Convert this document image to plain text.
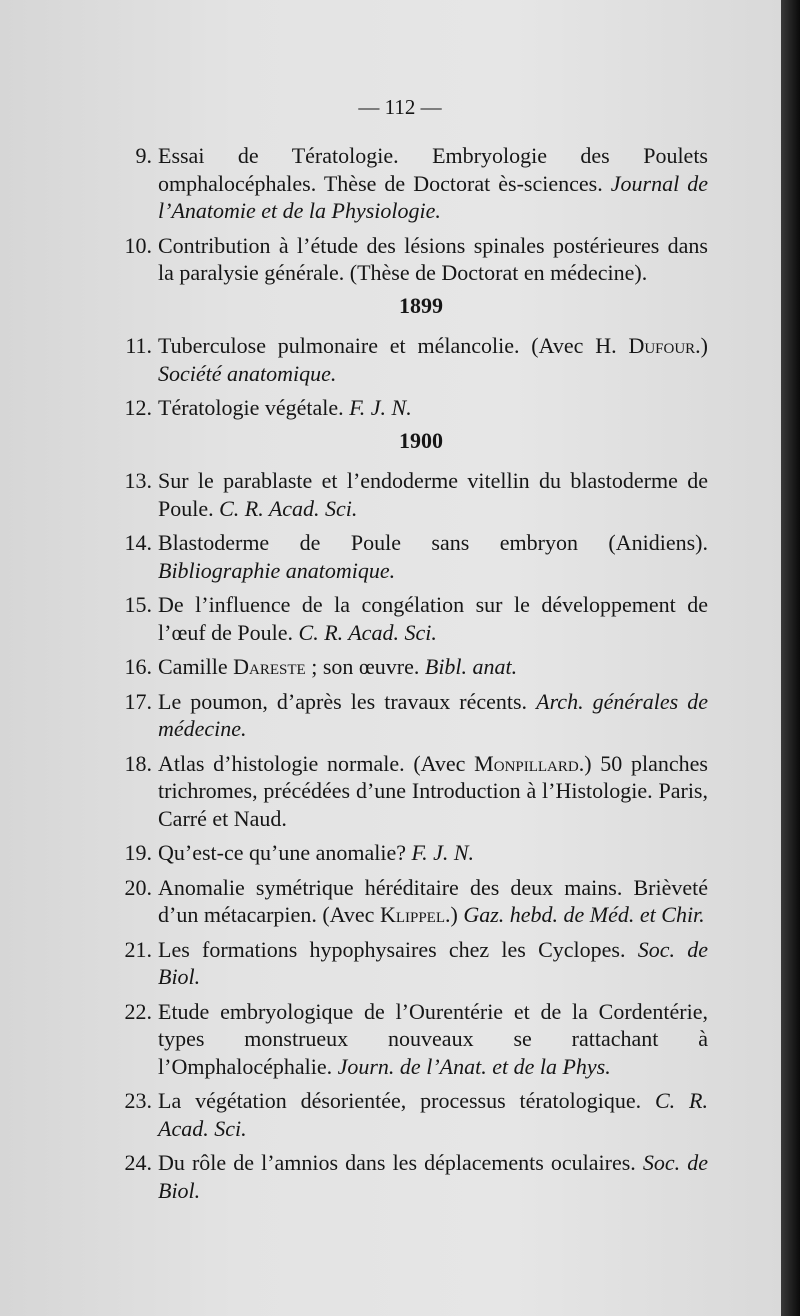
— 112 —
9. Essai de Tératologie. Embryologie des Poulets omphalocéphales. Thèse de Doctorat ès-sciences. Journal de l’Anatomie et de la Physiologie.
10. Contribution à l’étude des lésions spinales postérieures dans la paralysie générale. (Thèse de Doctorat en médecine).
1899
11. Tuberculose pulmonaire et mélancolie. (Avec H. Dufour.) Société anatomique.
12. Tératologie végétale. F. J. N.
1900
13. Sur le parablaste et l’endoderme vitellin du blastoderme de Poule. C. R. Acad. Sci.
14. Blastoderme de Poule sans embryon (Anidiens). Bibliographie anatomique.
15. De l’influence de la congélation sur le développement de l’œuf de Poule. C. R. Acad. Sci.
16. Camille Dareste ; son œuvre. Bibl. anat.
17. Le poumon, d’après les travaux récents. Arch. générales de médecine.
18. Atlas d’histologie normale. (Avec Monpillard.) 50 planches trichromes, précédées d’une Introduction à l’Histologie. Paris, Carré et Naud.
19. Qu’est-ce qu’une anomalie? F. J. N.
20. Anomalie symétrique héréditaire des deux mains. Brièveté d’un métacarpien. (Avec Klippel.) Gaz. hebd. de Méd. et Chir.
21. Les formations hypophysaires chez les Cyclopes. Soc. de Biol.
22. Etude embryologique de l’Ourentérie et de la Cordentérie, types monstrueux nouveaux se rattachant à l’Omphalocéphalie. Journ. de l’Anat. et de la Phys.
23. La végétation désorientée, processus tératologique. C. R. Acad. Sci.
24. Du rôle de l’amnios dans les déplacements oculaires. Soc. de Biol.
